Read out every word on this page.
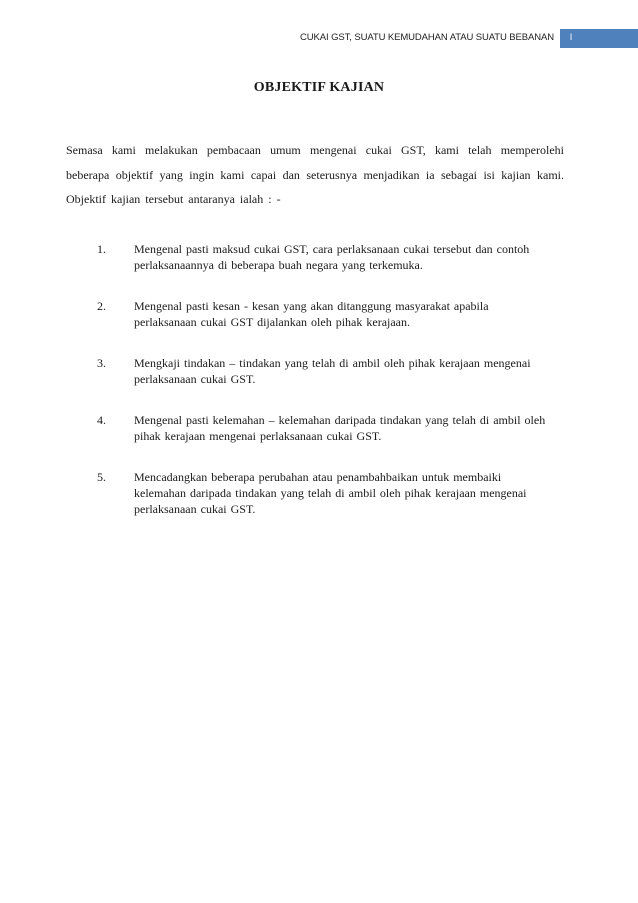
CUKAI GST, SUATU KEMUDAHAN ATAU SUATU BEBANAN l
OBJEKTIF KAJIAN

Semasa kami melakukan pembacaan umum mengenai cukai GST, kami telah memperolehi beberapa objektif yang ingin kami capai dan seterusnya menjadikan ia sebagai isi kajian kami. Objektif kajian tersebut antaranya ialah : -

1. Mengenal pasti maksud cukai GST, cara perlaksanaan cukai tersebut dan contoh perlaksanaannya di beberapa buah negara yang terkemuka.
2. Mengenal pasti kesan - kesan yang akan ditanggung masyarakat apabila perlaksanaan cukai GST dijalankan oleh pihak kerajaan.
3. Mengkaji tindakan – tindakan yang telah di ambil oleh pihak kerajaan mengenai perlaksanaan cukai GST.
4. Mengenal pasti kelemahan – kelemahan daripada tindakan yang telah di ambil oleh pihak kerajaan mengenai perlaksanaan cukai GST.
5. Mencadangkan beberapa perubahan atau penambahbaikan untuk membaiki kelemahan daripada tindakan yang telah di ambil oleh pihak kerajaan mengenai perlaksanaan cukai GST.
